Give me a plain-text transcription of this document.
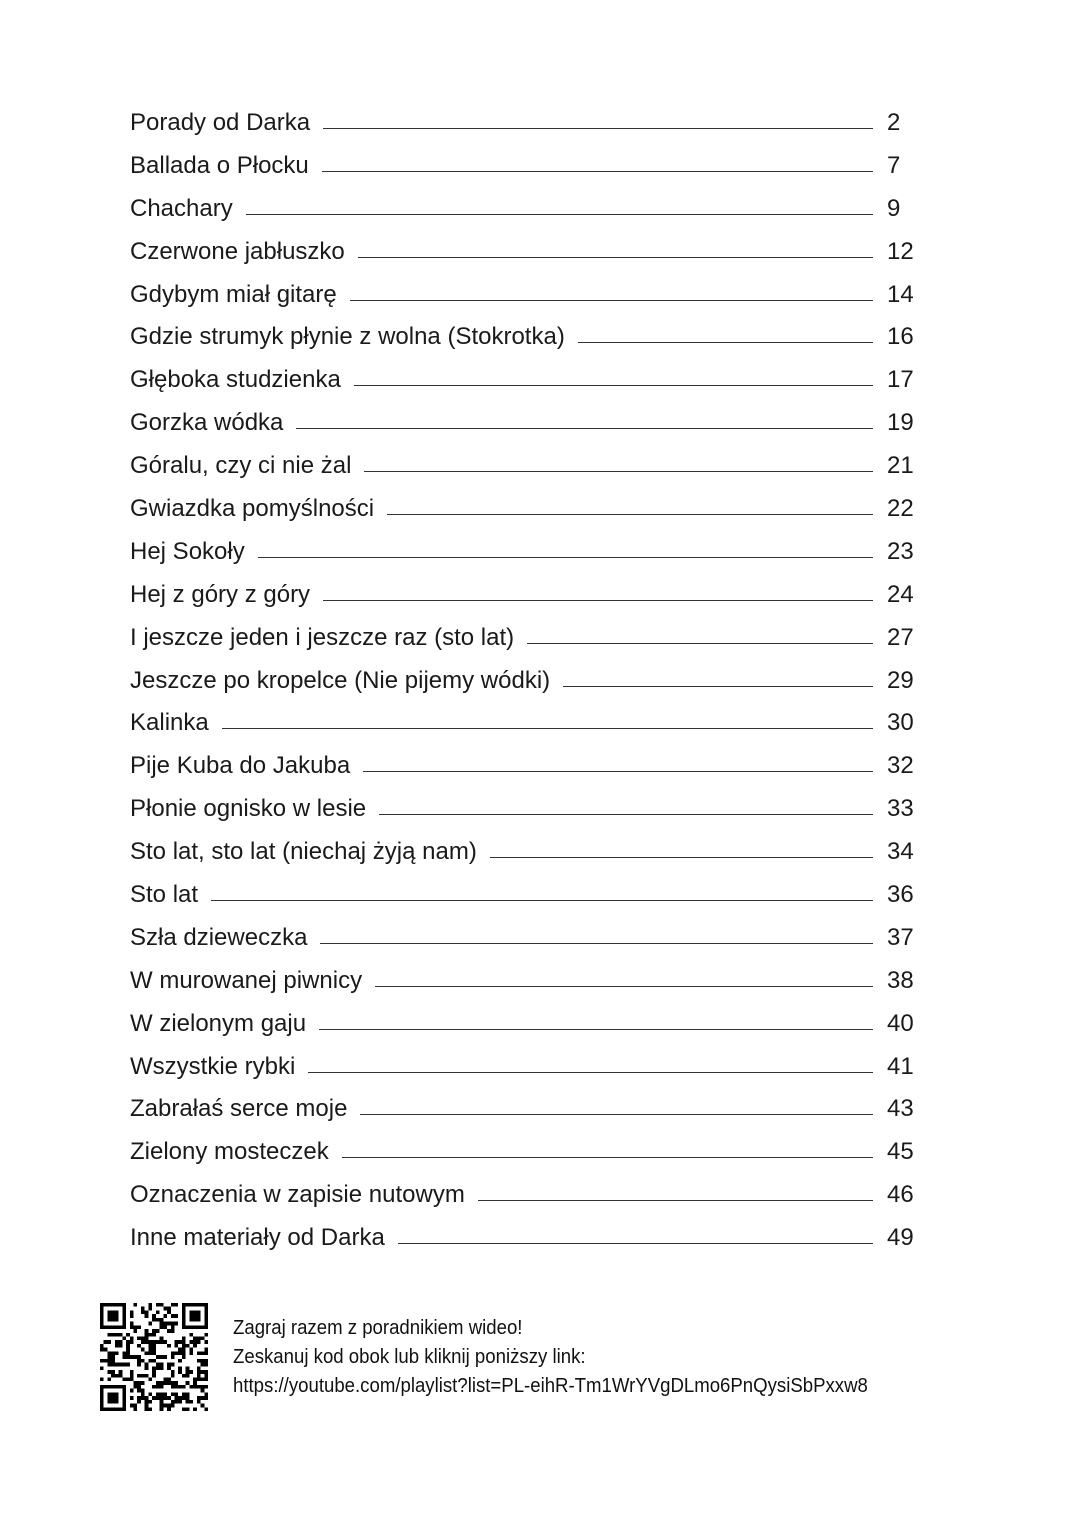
Porady od Darka	2
Ballada o Płocku	7
Chachary	9
Czerwone jabłuszko	12
Gdybym miał gitarę	14
Gdzie strumyk płynie z wolna (Stokrotka)	16
Głęboka studzienka	17
Gorzka wódka	19
Góralu, czy ci nie żal	21
Gwiazdka pomyślności	22
Hej Sokoły	23
Hej z góry z góry	24
I jeszcze jeden i jeszcze raz (sto lat)	27
Jeszcze po kropelce (Nie pijemy wódki)	29
Kalinka	30
Pije Kuba do Jakuba	32
Płonie ognisko w lesie	33
Sto lat, sto lat (niechaj żyją nam)	34
Sto lat	36
Szła dzieweczka	37
W murowanej piwnicy	38
W zielonym gaju	40
Wszystkie rybki	41
Zabrałaś serce moje	43
Zielony mosteczek	45
Oznaczenia w zapisie nutowym	46
Inne materiały od Darka	49
Zagraj razem z poradnikiem wideo!
Zeskanuj kod obok lub kliknij poniższy link:
https://youtube.com/playlist?list=PL-eihR-Tm1WrYVgDLmo6PnQysiSbPxxw8
